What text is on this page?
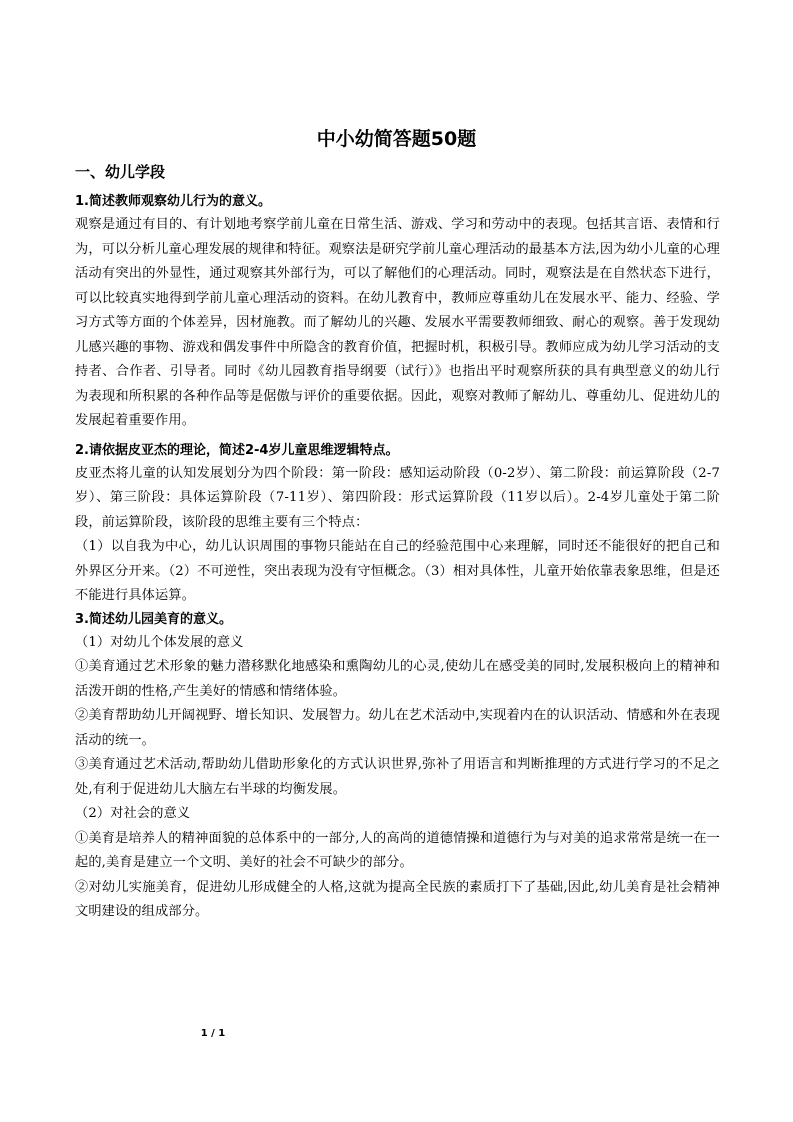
中小幼简答题50题
一、幼儿学段

1.简述教师观察幼儿行为的意义。

观察是通过有目的、有计划地考察学前儿童在日常生活、游戏、学习和劳动中的表现。包括其言语、表情和行为，可以分析儿童心理发展的规律和特征。观察法是研究学前儿童心理活动的最基本方法,因为幼小儿童的心理活动有突出的外显性，通过观察其外部行为，可以了解他们的心理活动。同时，观察法是在自然状态下进行，可以比较真实地得到学前儿童心理活动的资料。在幼儿教育中，教师应尊重幼儿在发展水平、能力、经验、学习方式等方面的个体差异，因材施教。而了解幼儿的兴趣、发展水平需要教师细致、耐心的观察。善于发现幼儿感兴趣的事物、游戏和偶发事件中所隐含的教育价值，把握时机，积极引导。教师应成为幼儿学习活动的支持者、合作者、引导者。同时《幼儿园教育指导纲要（试行）》也指出平时观察所获的具有典型意义的幼儿行为表现和所积累的各种作品等是倨傲与评价的重要依据。因此，观察对教师了解幼儿、尊重幼儿、促进幼儿的发展起着重要作用。

2.请依据皮亚杰的理论，简述2-4岁儿童思维逻辑特点。

皮亚杰将儿童的认知发展划分为四个阶段：第一阶段：感知运动阶段（0-2岁）、第二阶段：前运算阶段（2-7岁）、第三阶段：具体运算阶段（7-11岁）、第四阶段：形式运算阶段（11岁以后）。2-4岁儿童处于第二阶段，前运算阶段，该阶段的思维主要有三个特点：

（1）以自我为中心，幼儿认识周围的事物只能站在自己的经验范围中心来理解，同时还不能很好的把自己和外界区分开来。（2）不可逆性，突出表现为没有守恒概念。（3）相对具体性，儿童开始依靠表象思维，但是还不能进行具体运算。

3.简述幼儿园美育的意义。

（1）对幼儿个体发展的意义

①美育通过艺术形象的魅力潜移默化地感染和熏陶幼儿的心灵,使幼儿在感受美的同时,发展积极向上的精神和活泼开朗的性格,产生美好的情感和情绪体验。

②美育帮助幼儿开阔视野、增长知识、发展智力。幼儿在艺术活动中,实现着内在的认识活动、情感和外在表现活动的统一。

③美育通过艺术活动,帮助幼儿借助形象化的方式认识世界,弥补了用语言和判断推理的方式进行学习的不足之处,有利于促进幼儿大脑左右半球的均衡发展。

（2）对社会的意义

①美育是培养人的精神面貌的总体系中的一部分,人的高尚的道德情操和道德行为与对美的追求常常是统一在一起的,美育是建立一个文明、美好的社会不可缺少的部分。

②对幼儿实施美育，促进幼儿形成健全的人格,这就为提高全民族的素质打下了基础,因此,幼儿美育是社会精神文明建设的组成部分。

1 / 1
